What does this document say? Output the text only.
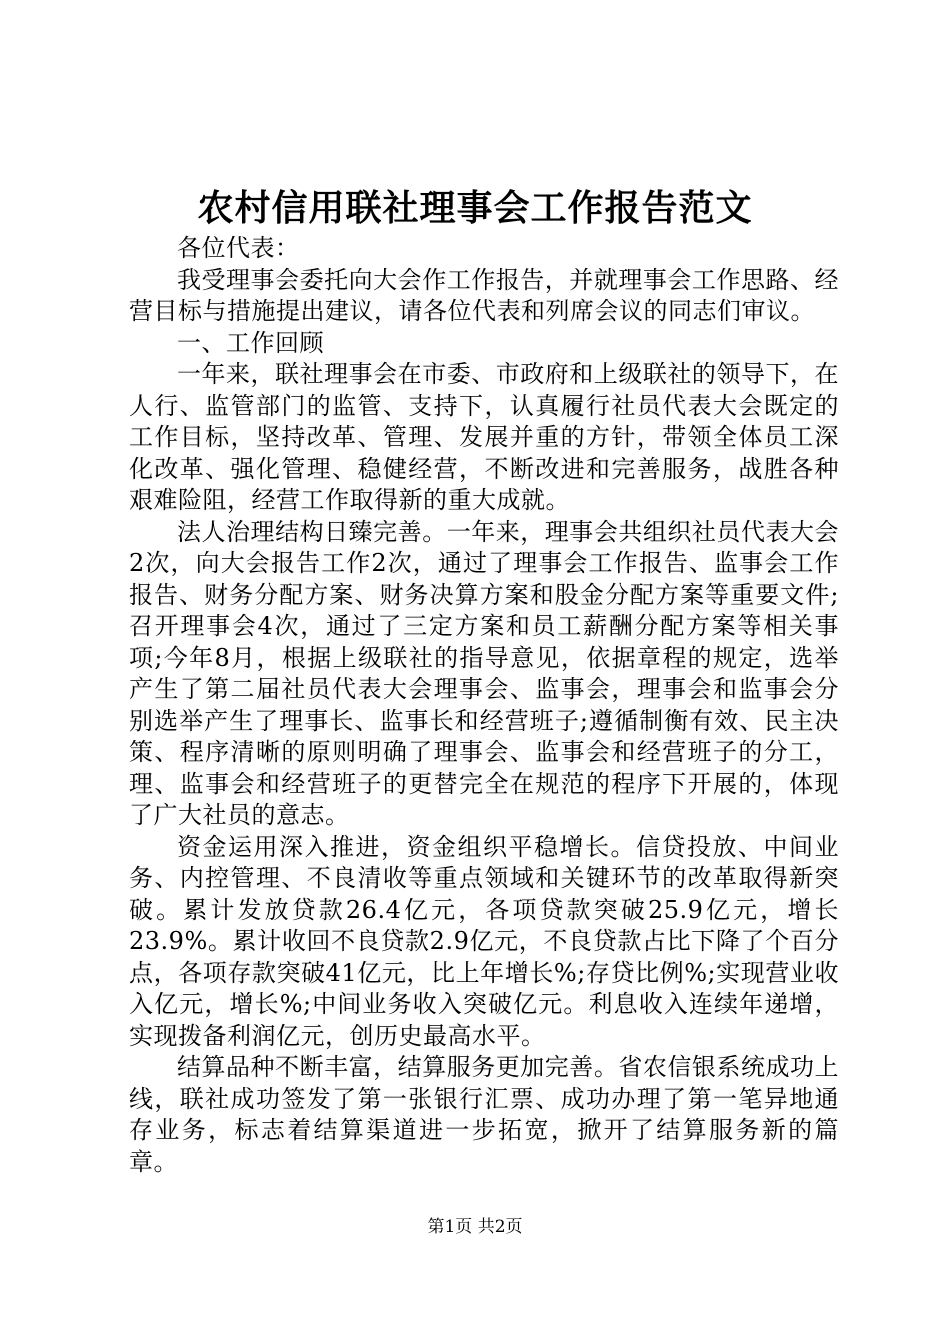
农村信用联社理事会工作报告范文

各位代表：

我受理事会委托向大会作工作报告，并就理事会工作思路、经营目标与措施提出建议，请各位代表和列席会议的同志们审议。

一、工作回顾

一年来，联社理事会在市委、市政府和上级联社的领导下，在人行、监管部门的监管、支持下，认真履行社员代表大会既定的工作目标，坚持改革、管理、发展并重的方针，带领全体员工深化改革、强化管理、稳健经营，不断改进和完善服务，战胜各种艰难险阻，经营工作取得新的重大成就。

法人治理结构日臻完善。一年来，理事会共组织社员代表大会2次，向大会报告工作2次，通过了理事会工作报告、监事会工作报告、财务分配方案、财务决算方案和股金分配方案等重要文件;召开理事会4次，通过了三定方案和员工薪酬分配方案等相关事项;今年8月，根据上级联社的指导意见，依据章程的规定，选举产生了第二届社员代表大会理事会、监事会，理事会和监事会分别选举产生了理事长、监事长和经营班子;遵循制衡有效、民主决策、程序清晰的原则明确了理事会、监事会和经营班子的分工，理、监事会和经营班子的更替完全在规范的程序下开展的，体现了广大社员的意志。

资金运用深入推进，资金组织平稳增长。信贷投放、中间业务、内控管理、不良清收等重点领域和关键环节的改革取得新突破。累计发放贷款26.4亿元，各项贷款突破25.9亿元，增长23.9%。累计收回不良贷款2.9亿元，不良贷款占比下降了个百分点，各项存款突破41亿元，比上年增长%;存贷比例%;实现营业收入亿元，增长%;中间业务收入突破亿元。利息收入连续年递增，实现拨备利润亿元，创历史最高水平。

结算品种不断丰富，结算服务更加完善。省农信银系统成功上线，联社成功签发了第一张银行汇票、成功办理了第一笔异地通存业务，标志着结算渠道进一步拓宽，掀开了结算服务新的篇章。

第1页 共2页
